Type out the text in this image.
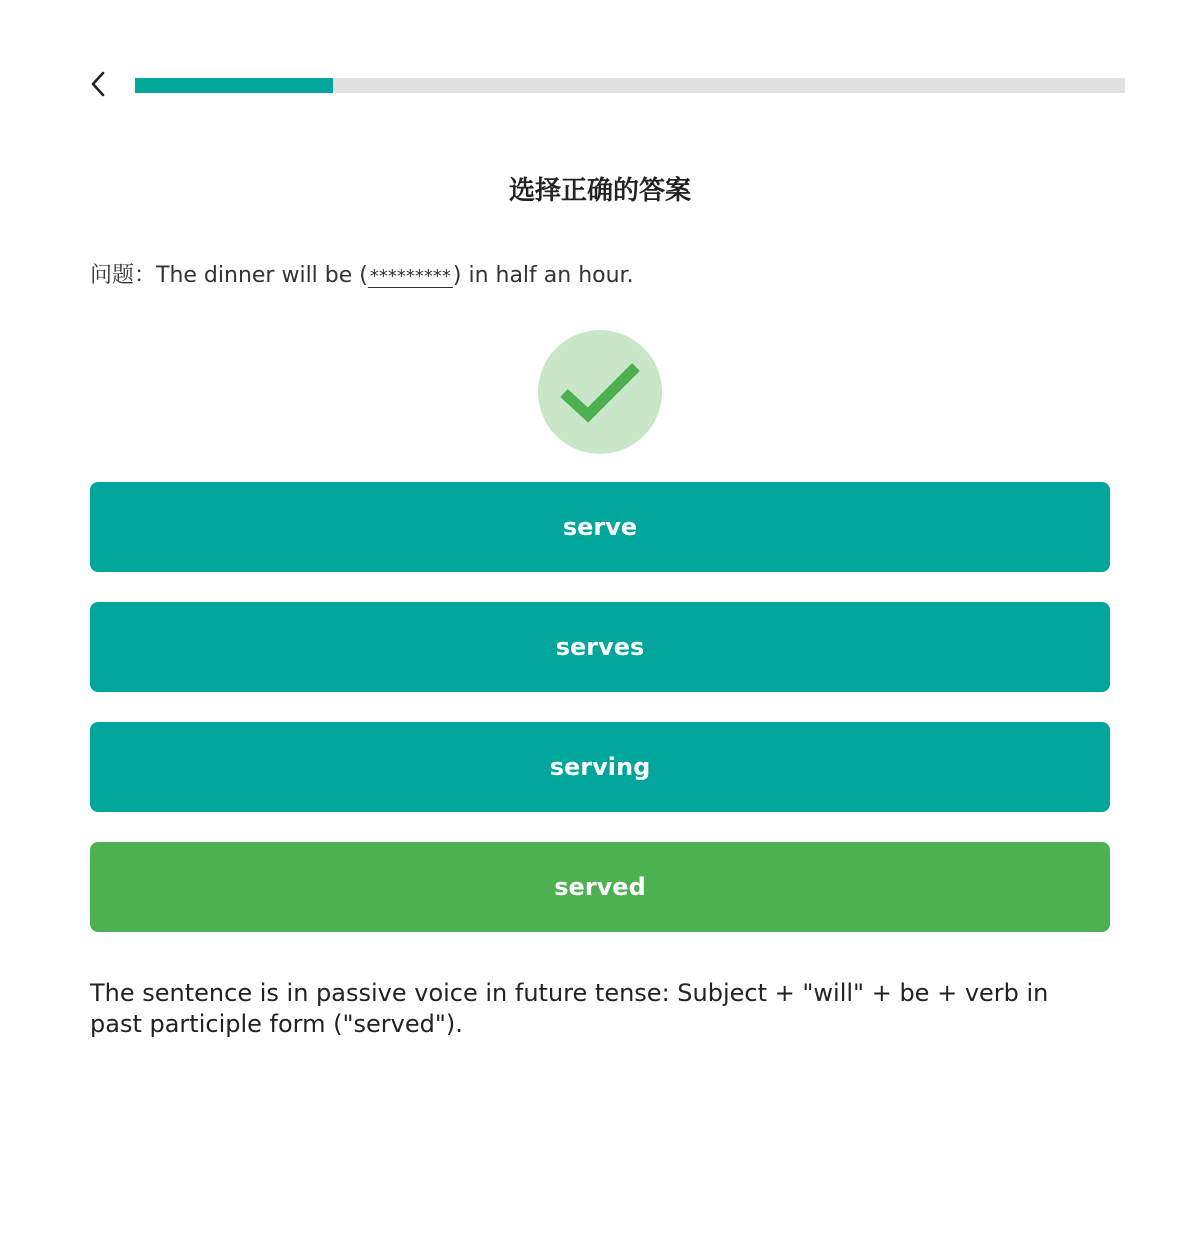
选择正确的答案
问题：The dinner will be ( *********) in half an hour.
serve
serves
serving
served
The sentence is in passive voice in future tense: Subject + "will" + be + verb in past participle form ("served").
